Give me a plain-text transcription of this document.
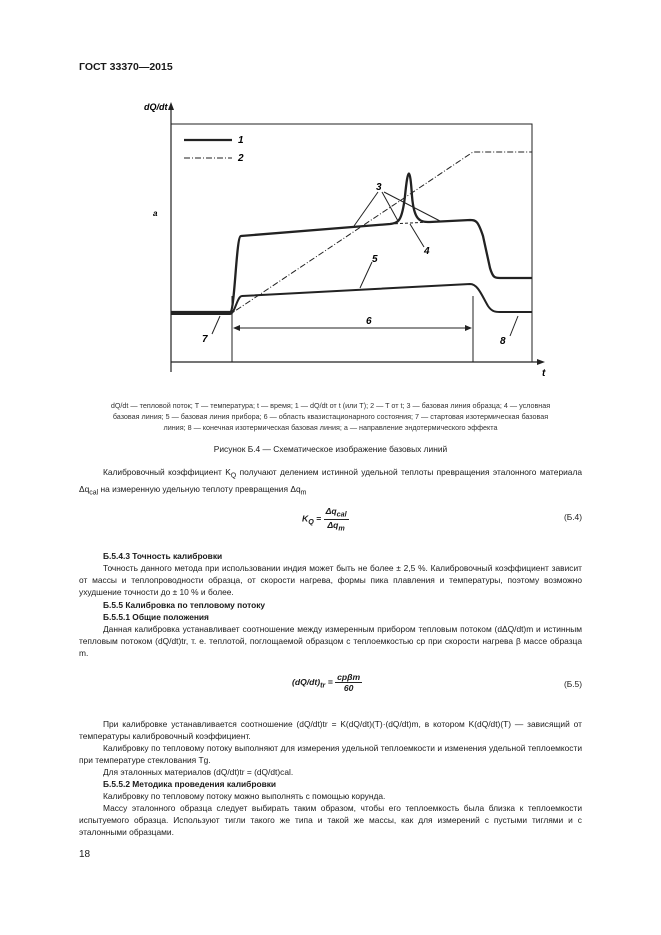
ГОСТ 33370—2015
dQ/dt
t
a
1
2
3
4
5
6
7	8
dQ/dt — тепловой поток; T — температура; t — время; 1 — dQ/dt от t (или T); 2 — T от t; 3 — базовая линия образца; 4 — условная
базовая линия; 5 — базовая линия прибора; 6 — область квазистационарного состояния; 7 — стартовая изотермическая базовая
линия; 8 — конечная изотермическая базовая линия; a — направление эндотермического эффекта
Рисунок Б.4 — Схематическое изображение базовых линий
Калибровочный коэффициент $K_Q$ получают делением истинной удельной теплоты превращения эталонного материала $\Delta q_{cal}$ на измеренную удельную теплоту превращения $\Delta q_m$
$K_Q = \frac{\Delta q_{cal}}{\Delta q_m}$	(Б.4)
Б.5.4.3 Точность калибровки
Точность данного метода при использовании индия может быть не более ± 2,5 %. Калибровочный коэффициент зависит от массы и теплопроводности образца, от скорости нагрева, формы пика плавления и температуры, поэтому возможно ухудшение точности до ± 10 % и более.
Б.5.5 Калибровка по тепловому потоку
Б.5.5.1 Общие положения
Данная калибровка устанавливает соотношение между измеренным прибором тепловым потоком (dΔQ/dt)m и истинным тепловым потоком (dQ/dt)tr, т. е. теплотой, поглощаемой образцом с теплоемкостью cp при скорости нагрева β массе образца m.
$(dQ/dt)_{tr} = \frac{\text{cpβm}}{60}$	(Б.5)
При калибровке устанавливается соотношение (dQ/dt)tr = K(dQ/dt)(T)·(dQ/dt)m, в котором K(dQ/dt)(T) — зависящий от температуры калибровочный коэффициент.
Калибровку по тепловому потоку выполняют для измерения удельной теплоемкости и изменения удельной теплоемкости при температуре стеклования Tg.
Для эталонных материалов (dQ/dt)tr = (dQ/dt)cal.
Б.5.5.2 Методика проведения калибровки
Калибровку по тепловому потоку можно выполнять с помощью корунда.
Массу эталонного образца следует выбирать таким образом, чтобы его теплоемкость была близка к теплоемкости испытуемого образца. Используют тигли такого же типа и такой же массы, как для измерений с пустыми тиглями и с эталонными образцами.
18
